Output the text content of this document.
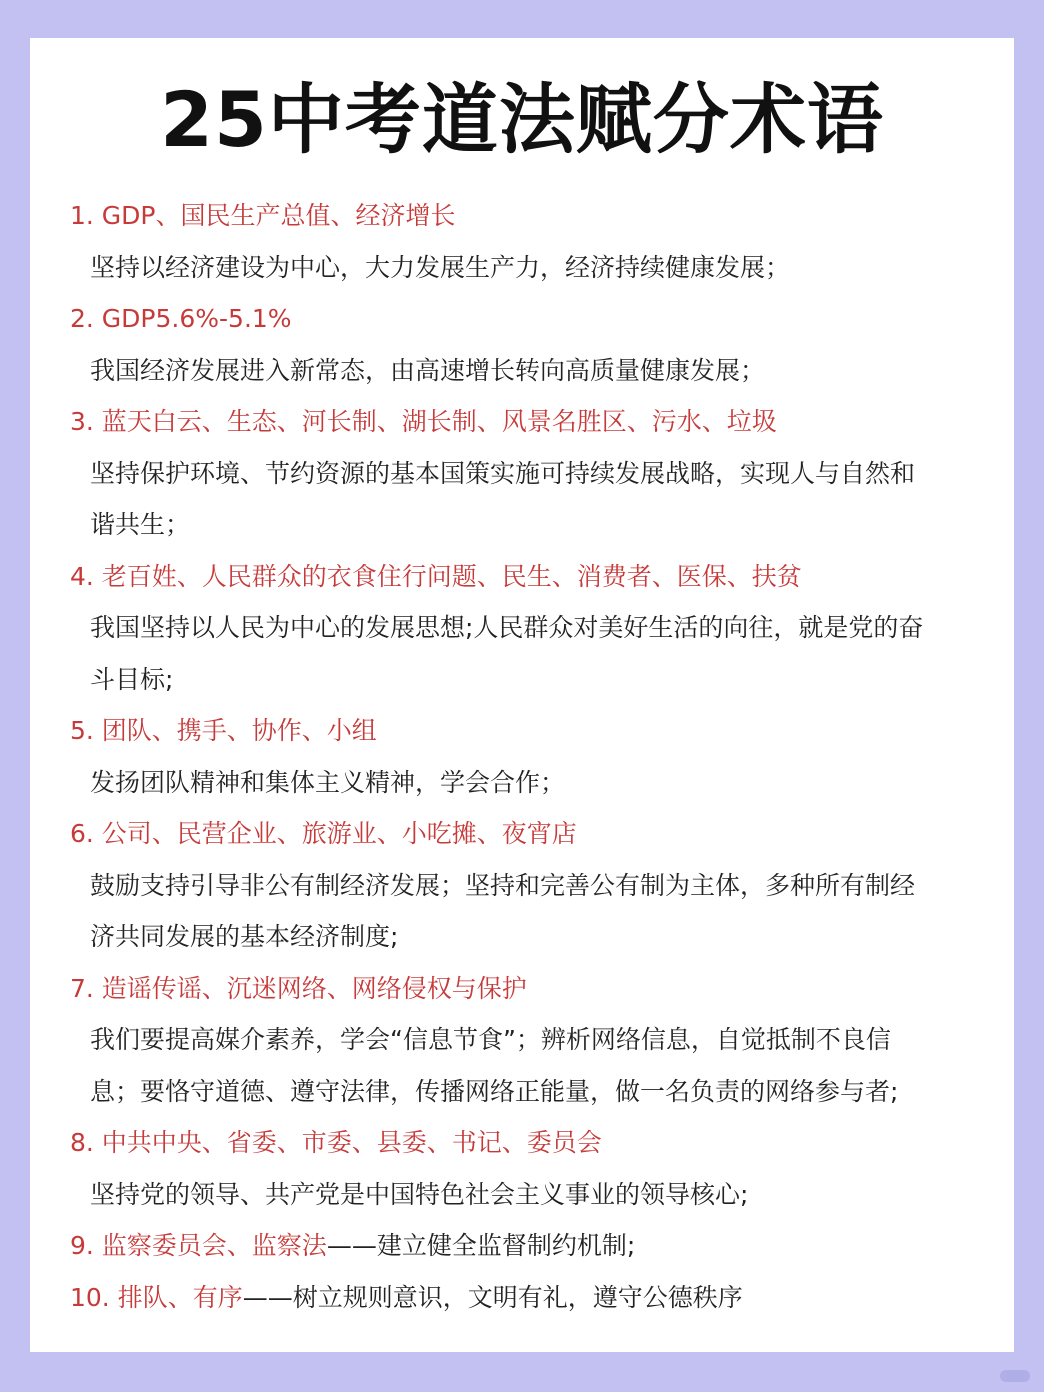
25中考道法赋分术语
1. GDP、国民生产总值、经济增长
坚持以经济建设为中心，大力发展生产力，经济持续健康发展；
2. GDP5.6%-5.1%
我国经济发展进入新常态，由高速增长转向高质量健康发展；
3. 蓝天白云、生态、河长制、湖长制、风景名胜区、污水、垃圾
坚持保护环境、节约资源的基本国策实施可持续发展战略，实现人与自然和
谐共生；
4. 老百姓、人民群众的衣食住行问题、民生、消费者、医保、扶贫
我国坚持以人民为中心的发展思想;人民群众对美好生活的向往，就是党的奋
斗目标;
5. 团队、携手、协作、小组
发扬团队精神和集体主义精神，学会合作；
6. 公司、民营企业、旅游业、小吃摊、夜宵店
鼓励支持引导非公有制经济发展；坚持和完善公有制为主体，多种所有制经
济共同发展的基本经济制度;
7. 造谣传谣、沉迷网络、网络侵权与保护
我们要提高媒介素养，学会“信息节食”；辨析网络信息，自觉抵制不良信
息；要恪守道德、遵守法律，传播网络正能量，做一名负责的网络参与者;
8. 中共中央、省委、市委、县委、书记、委员会
坚持党的领导、共产党是中国特色社会主义事业的领导核心;
9. 监察委员会、监察法——建立健全监督制约机制;
10. 排队、有序——树立规则意识，文明有礼，遵守公德秩序
